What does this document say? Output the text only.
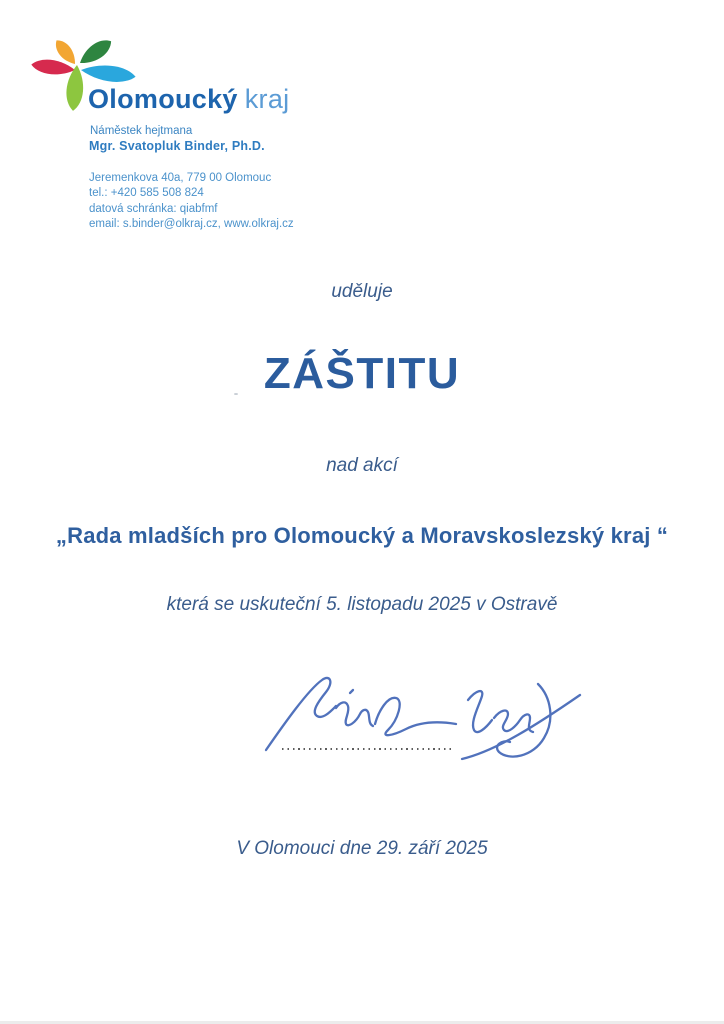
Olomoucký kraj
Náměstek hejtmana
Mgr. Svatopluk Binder, Ph.D.
Jeremenkova 40a, 779 00 Olomouc
tel.: +420 585 508 824
datová schránka: qiabfmf
email: s.binder@olkraj.cz, www.olkraj.cz
uděluje
ZÁŠTITU
nad akcí
„Rada mladších pro Olomoucký a Moravskoslezský kraj “
která se uskuteční 5. listopadu 2025 v Ostravě
V Olomouci dne 29. září 2025
